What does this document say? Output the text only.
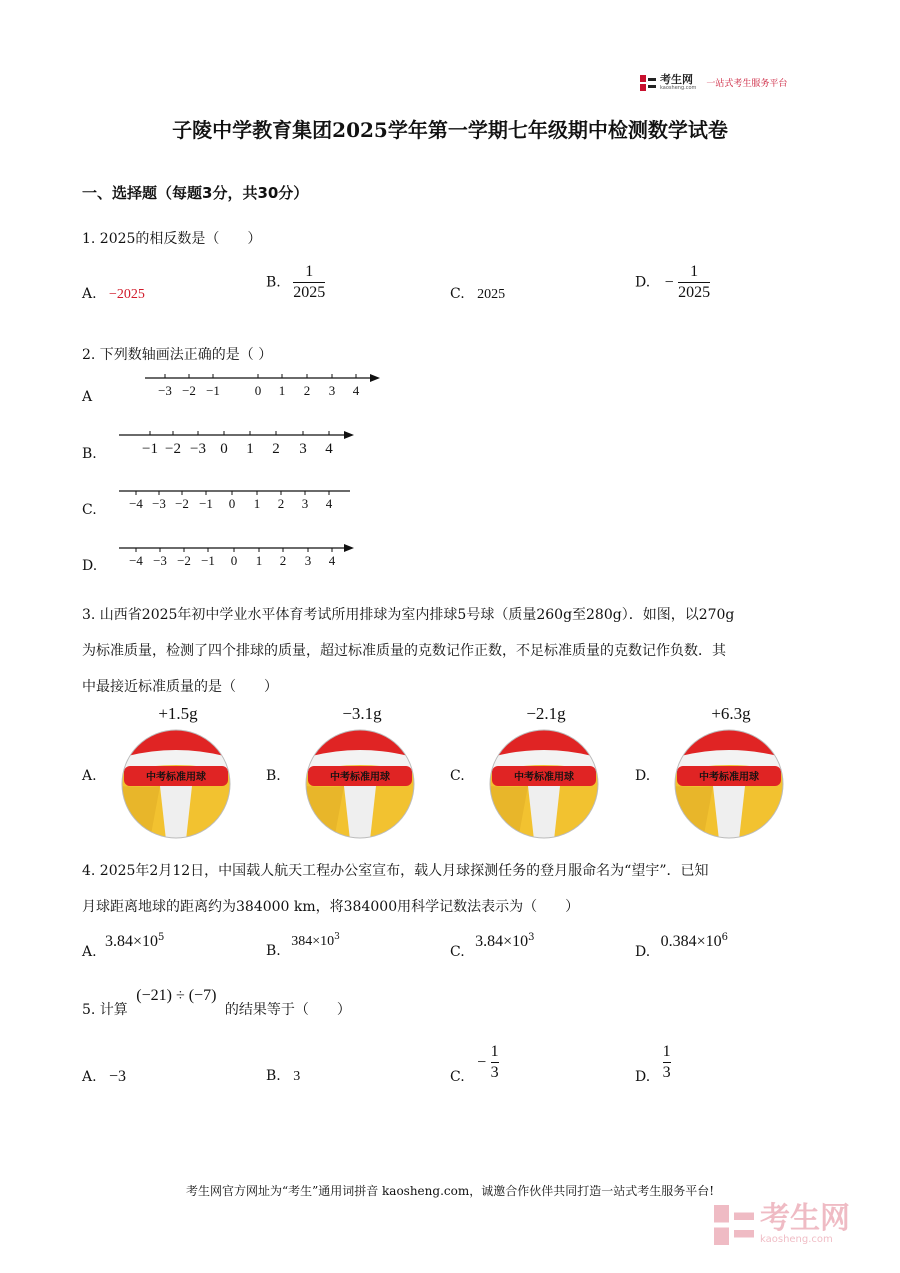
考生网
kaosheng.com 一站式考生服务平台
子陵中学教育集团2025学年第一学期七年级期中检测数学试卷
一、选择题（每题3分，共30分）
1. 2025的相反数是（　　）
A. −2025
B. $\frac{1}{2025}$	C. 2025
D. − $\frac{1}{2025}$
2. 下列数轴画法正确的是（ ）
A	−3 −2 −1	0 1 2 3 4
B.	−1 −2 −3 0 1 2 3 4
C. −4 −3 −2 −1 0 1 2 3 4
D. −4 −3 −2 −1 0 1 2 3 4
3. 山西省2025年初中学业水平体育考试所用排球为室内排球5号球（质量260g至280g）．如图，以270g
为标准质量，检测了四个排球的质量，超过标准质量的克数记作正数，不足标准质量的克数记作负数．其
中最接近标准质量的是（　　）
A.
+1.5g
中考标准用球	B.
−3.1g
中考标准用球	C.
−2.1g
中考标准用球	D.
+6.3g
中考标准用球
4. 2025年2月12日，中国载人航天工程办公室宣布，载人月球探测任务的登月服命名为“望宇”．已知
月球距离地球的距离约为384000 km，将384000用科学记数法表示为（　　）
A. $3.84\times 10^5$
B. $384\times 10^3$
C. $3.84\times 10^3$
D. $0.384\times 10^6$
5. 计算 (−21) ÷ (−7) 的结果等于（　　）
A. −3	B. 3	C. − $\frac{1}{3}$	D. $\frac{1}{3}$
考生网官方网址为“考生”通用词拼音 kaosheng.com，诚邀合作伙伴共同打造一站式考生服务平台!
考生网
kaosheng.com
